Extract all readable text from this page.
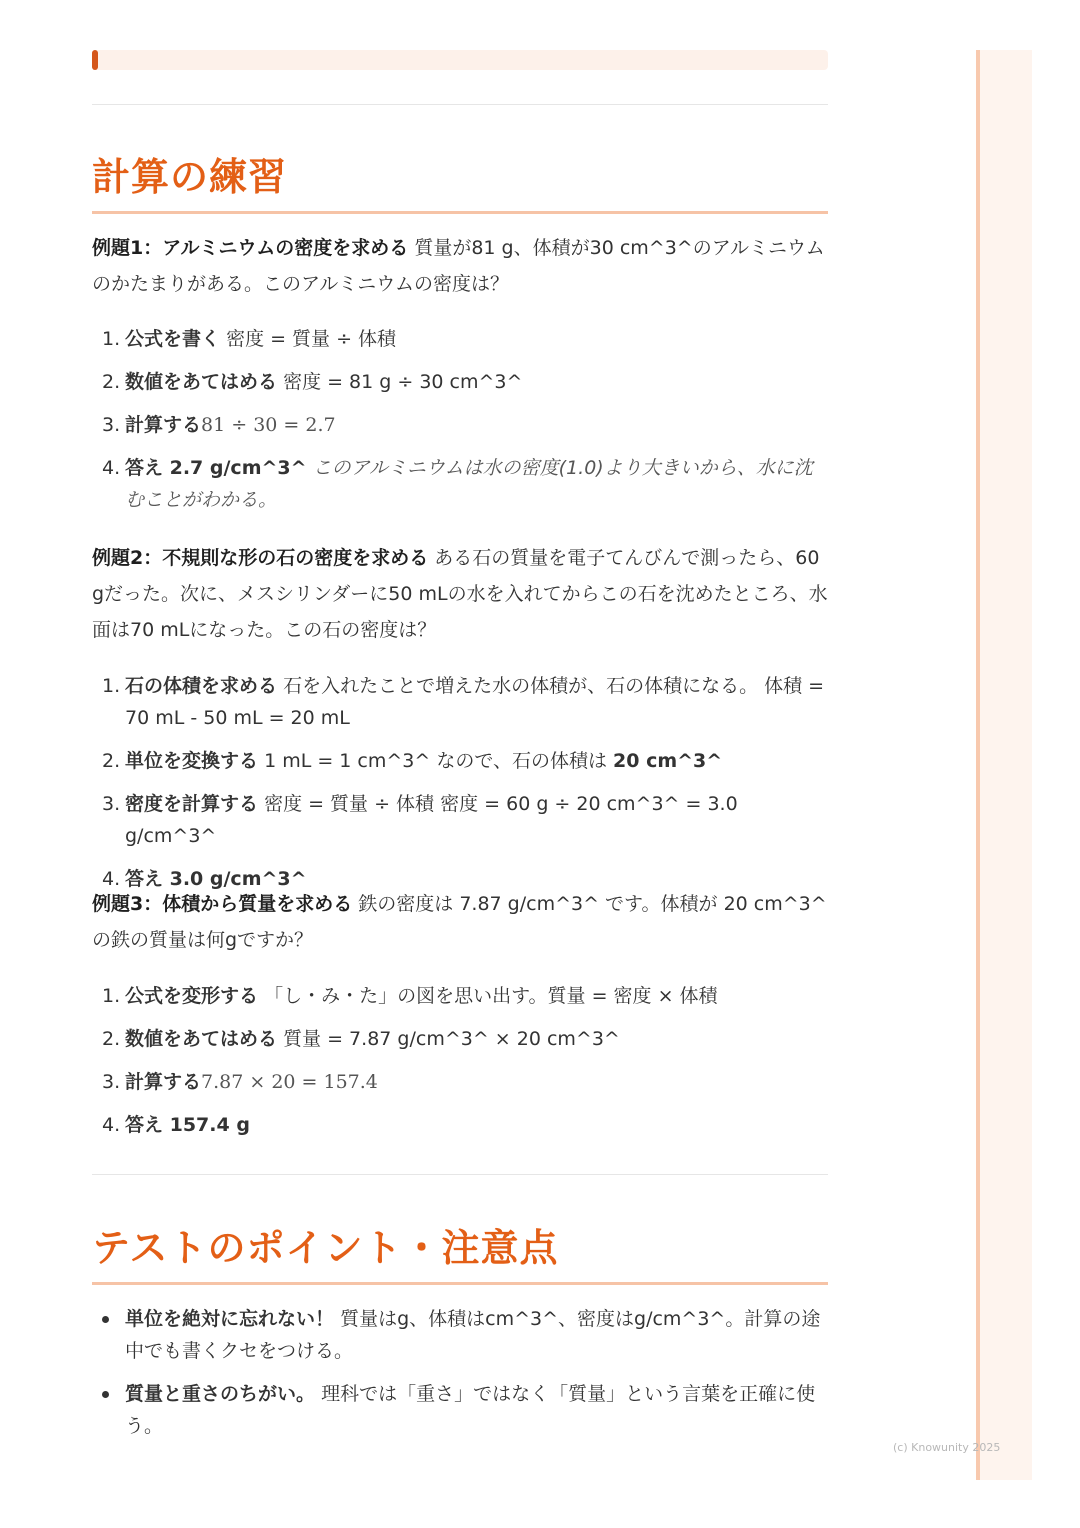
計算の練習

例題1：アルミニウムの密度を求める 質量が81 g、体積が30 cm^3^のアルミニウムのかたまりがある。このアルミニウムの密度は？

1. 公式を書く 密度 = 質量 ÷ 体積
2. 数値をあてはめる 密度 = 81 g ÷ 30 cm^3^
3. 計算する81 ÷ 30 = 2.7
4. 答え 2.7 g/cm^3^ このアルミニウムは水の密度(1.0)より大きいから、水に沈むことがわかる。

例題2：不規則な形の石の密度を求める ある石の質量を電子てんびんで測ったら、60 gだった。次に、メスシリンダーに50 mLの水を入れてからこの石を沈めたところ、水面は70 mLになった。この石の密度は？

1. 石の体積を求める 石を入れたことで増えた水の体積が、石の体積になる。 体積 = 70 mL - 50 mL = 20 mL
2. 単位を変換する 1 mL = 1 cm^3^ なので、石の体積は 20 cm^3^
3. 密度を計算する 密度 = 質量 ÷ 体積 密度 = 60 g ÷ 20 cm^3^ = 3.0 g/cm^3^
4. 答え 3.0 g/cm^3^

例題3：体積から質量を求める 鉄の密度は 7.87 g/cm^3^ です。体積が 20 cm^3^ の鉄の質量は何gですか？

1. 公式を変形する 「し・み・た」の図を思い出す。質量 = 密度 × 体積
2. 数値をあてはめる 質量 = 7.87 g/cm^3^ × 20 cm^3^
3. 計算する7.87 × 20 = 157.4
4. 答え 157.4 g
テストのポイント・注意点
単位を絶対に忘れない！ 質量はg、体積はcm^3^、密度はg/cm^3^。計算の途中でも書くクセをつける。
質量と重さのちがい。 理科では「重さ」ではなく「質量」という言葉を正確に使う。
(c) Knowunity 2025
